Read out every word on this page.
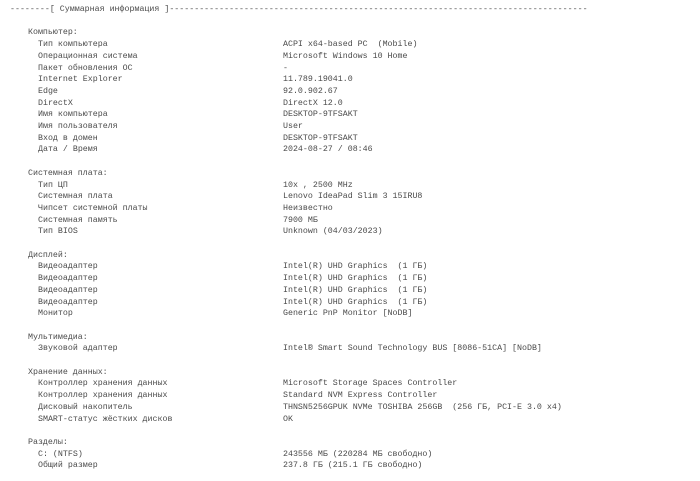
--------[ Суммарная информация ]------------------------------------------------------------------------------------
Компьютер:
Тип компьютера	ACPI x64-based PC  (Mobile)
Операционная система	Microsoft Windows 10 Home
Пакет обновления ОС	-
Internet Explorer	11.789.19041.0
Edge	92.0.902.67
DirectX	DirectX 12.0
Имя компьютера	DESKTOP-9TFSAKT
Имя пользователя	User
Вход в домен	DESKTOP-9TFSAKT
Дата / Время	2024-08-27 / 08:46
Системная плата:
Тип ЦП	10x , 2500 MHz
Системная плата	Lenovo IdeaPad Slim 3 15IRU8
Чипсет системной платы	Неизвестно
Системная память	7900 МБ
Тип BIOS	Unknown (04/03/2023)
Дисплей:
Видеоадаптер	Intel(R) UHD Graphics  (1 ГБ)
Видеоадаптер	Intel(R) UHD Graphics  (1 ГБ)
Видеоадаптер	Intel(R) UHD Graphics  (1 ГБ)
Видеоадаптер	Intel(R) UHD Graphics  (1 ГБ)
Монитор	Generic PnP Monitor [NoDB]
Мультимедиа:
Звуковой адаптер	Intel® Smart Sound Technology BUS [8086-51CA] [NoDB]
Хранение данных:
Контроллер хранения данных	Microsoft Storage Spaces Controller
Контроллер хранения данных	Standard NVM Express Controller
Дисковый накопитель	THNSN5256GPUK NVMe TOSHIBA 256GB  (256 ГБ, PCI-E 3.0 x4)
SMART-статус жёстких дисков	OK
Разделы:
C: (NTFS)	243556 МБ (220284 МБ свободно)
Общий размер	237.8 ГБ (215.1 ГБ свободно)
